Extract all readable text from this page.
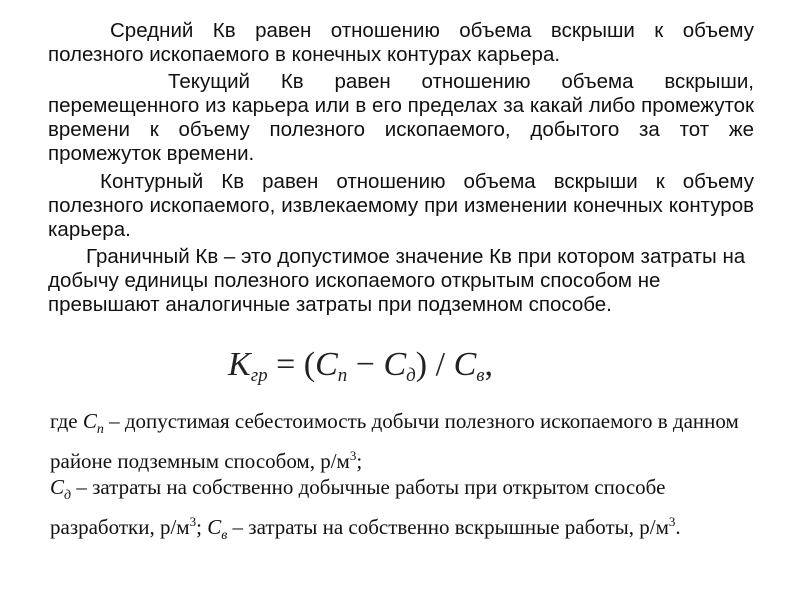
Средний Кв равен отношению объема вскрыши к объему полезного ископаемого в конечных контурах карьера.

Текущий Кв равен отношению объема вскрыши, перемещенного из карьера или в его пределах за какай либо промежуток времени к объему полезного ископаемого, добытого за тот же промежуток времени.

Контурный Кв равен отношению объема вскрыши к объему полезного ископаемого, извлекаемому при изменении конечных контуров карьера.

Граничный Кв – это допустимое значение Кв при котором затраты на добычу единицы полезного ископаемого открытым способом не превышают аналогичные затраты при подземном способе.

$K_{гр} = (C_п - C_д) / C_в$,
где $С_п$ – допустимая себестоимость добычи полезного ископаемого в данном районе подземным способом, $р/м^3$;
$С_д$ – затраты на собственно добычные работы при открытом способе разработки, $р/м^3$; $С_в$ – затраты на собственно вскрышные работы, $р/м^3$.
